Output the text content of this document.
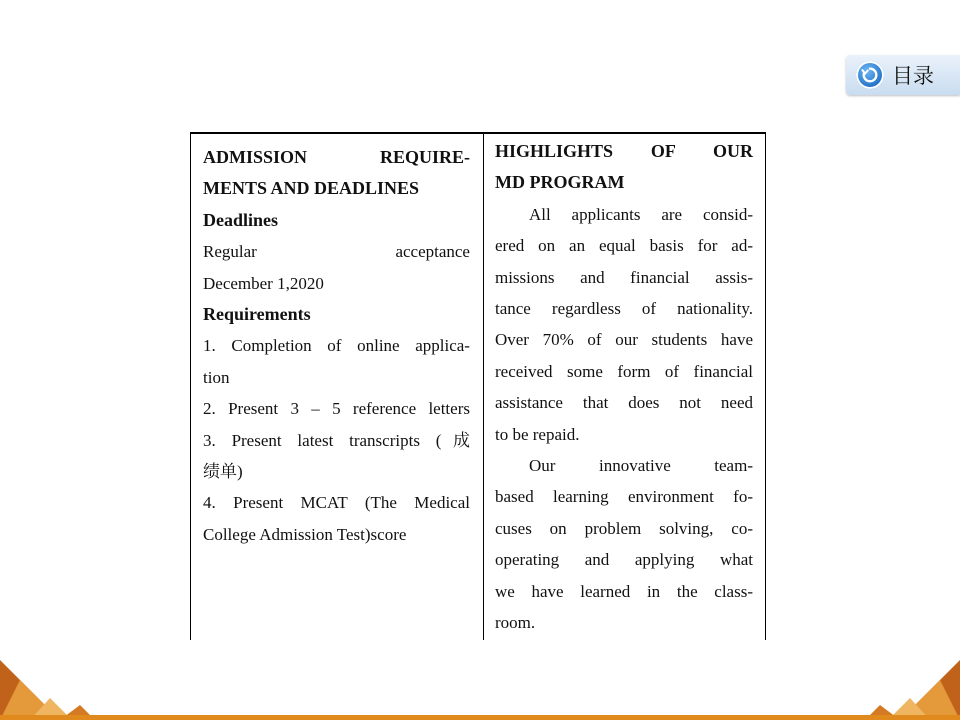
目录

ADMISSION REQUIRE-

MENTS AND DEADLINES

Deadlines

Regular acceptance

December 1,2020

Requirements

1. Completion of online applica-

tion

2. Present 3 – 5 reference letters

3. Present latest transcripts (成

绩单)

4. Present MCAT (The Medical

College Admission Test)score

HIGHLIGHTS OF OUR

MD PROGRAM

All applicants are consid-

ered on an equal basis for ad-

missions and financial assis-

tance regardless of nationality.

Over 70% of our students have

received some form of financial

assistance that does not need

to be repaid.

Our innovative team-

based learning environment fo-

cuses on problem solving, co-

operating and applying what

we have learned in the class-

room.
